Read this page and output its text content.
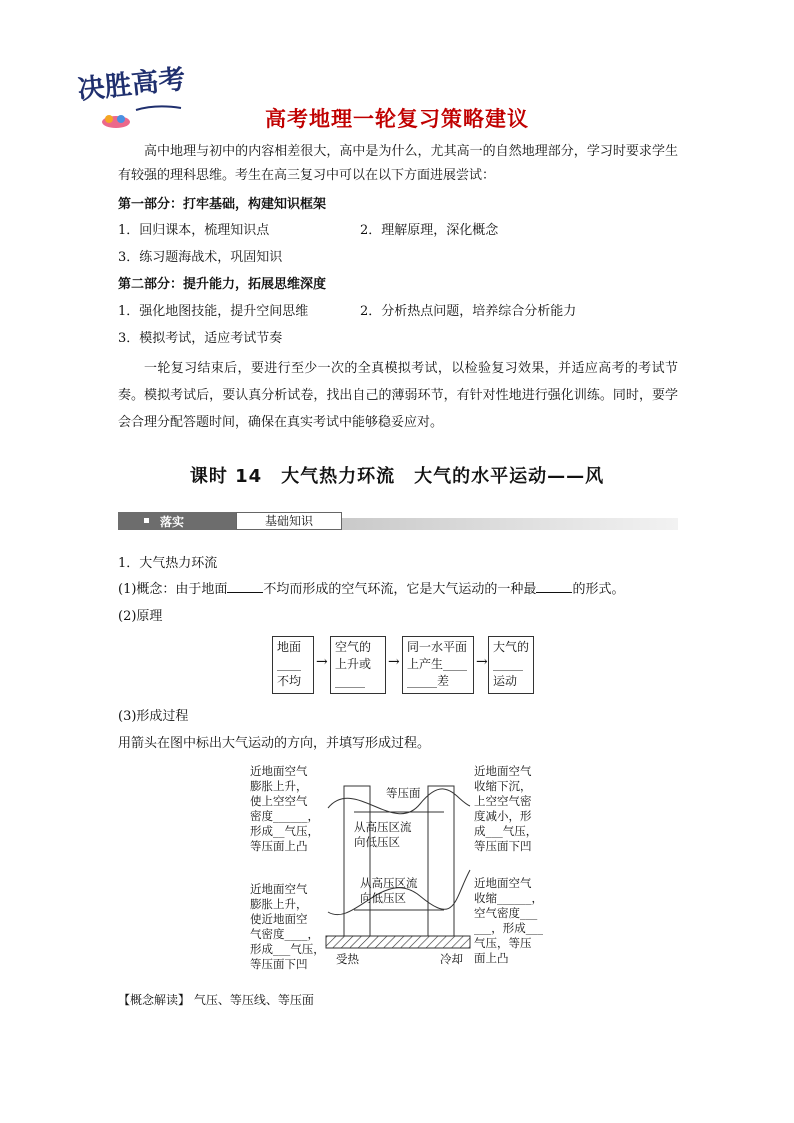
决胜高考
高考地理一轮复习策略建议
高中地理与初中的内容相差很大，高中是为什么，尤其高一的自然地理部分，学习时要求学生有较强的理科思维。考生在高三复习中可以在以下方面进展尝试：
第一部分：打牢基础，构建知识框架
1．回归课本，梳理知识点	2．理解原理，深化概念
3．练习题海战术，巩固知识
第二部分：提升能力，拓展思维深度
1．强化地图技能，提升空间思维	2．分析热点问题，培养综合分析能力
3．模拟考试，适应考试节奏
一轮复习结束后，要进行至少一次的全真模拟考试，以检验复习效果，并适应高考的考试节奏。模拟考试后，要认真分析试卷，找出自己的薄弱环节，有针对性地进行强化训练。同时，要学会合理分配答题时间，确保在真实考试中能够稳妥应对。
课时 14　大气热力环流　大气的水平运动——风
落实	基础知识
1．大气热力环流
(1)概念：由于地面	不均而形成的空气环流，它是大气运动的一种最	的形式。
(2)原理
地面
____
不均
→
空气的
上升或
_____
→
同一水平面
上产生____
_____差
→
大气的
_____
运动
(3)形成过程
用箭头在图中标出大气运动的方向，并填写形成过程。
近地面空气
膨胀上升，
使上空空气
密度______，
形成__气压，
等压面上凸
近地面空气
膨胀上升，
使近地面空
气密度____，
形成___气压，
等压面下凹
近地面空气
收缩下沉，
上空空气密
度减小，形
成___气压，
等压面下凹
近地面空气
收缩______，
空气密度___
___，形成___
气压，等压
面上凸
等压面
从高压区流
向低压区
从高压区流
向低压区
受热	冷却
【概念解读】 气压、等压线、等压面
